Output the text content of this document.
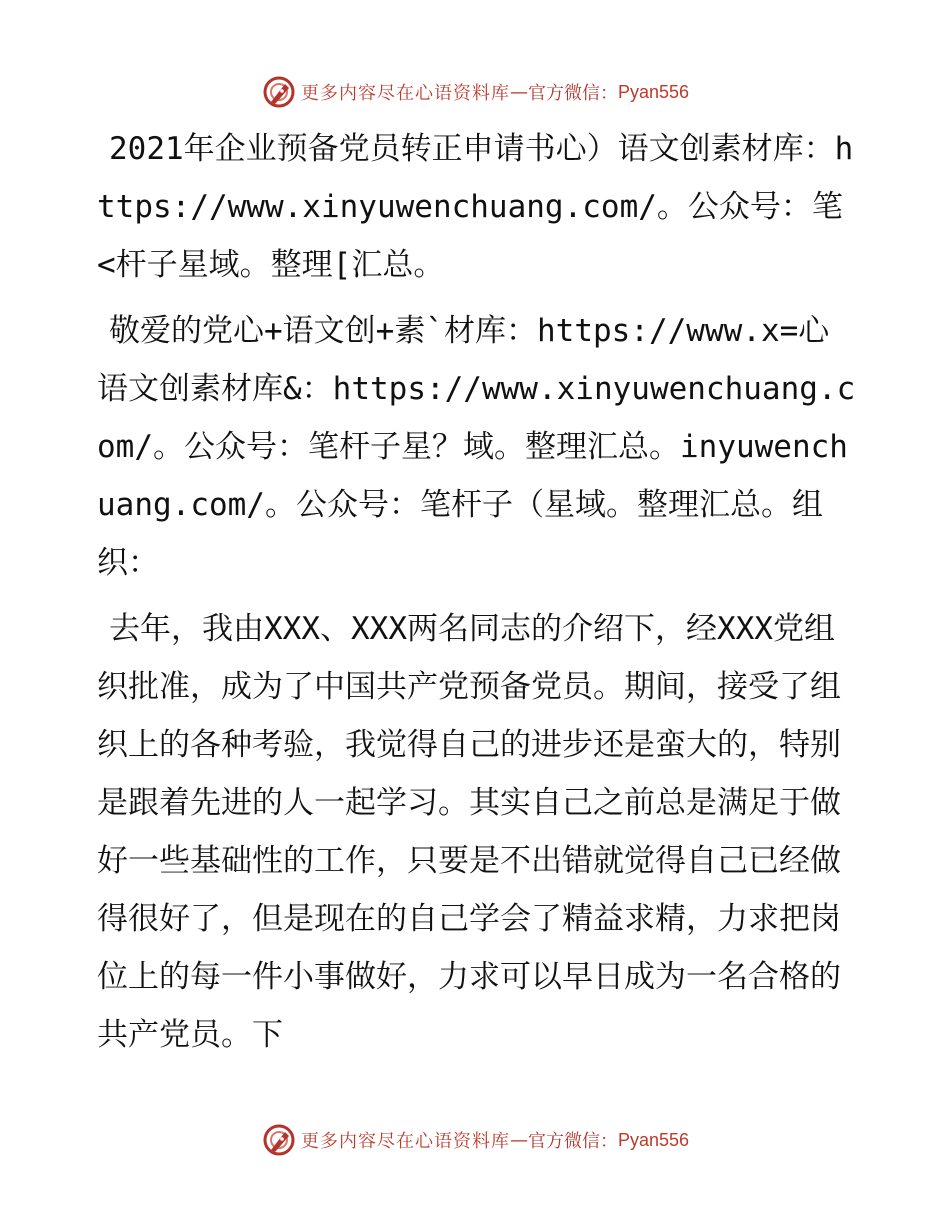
更多内容尽在心语资料库 — 官方微信： Pyan556

2021年企业预备党员转正申请书心）语文创素材库：https://www.xinyuwenchuang.com/。公众号：笔<杆子星域。整理[汇总。

敬爱的党心+语文创+素`材库：https://www.x=心语文创素材库&：https://www.xinyuwenchuang.com/。公众号：笔杆子星？域。整理汇总。inyuwenchuang.com/。公众号：笔杆子（星域。整理汇总。组织：

去年，我由XXX、XXX两名同志的介绍下，经XXX党组织批准，成为了中国共产党预备党员。期间，接受了组织上的各种考验，我觉得自己的进步还是蛮大的，特别是跟着先进的人一起学习。其实自己之前总是满足于做好一些基础性的工作，只要是不出错就觉得自己已经做得很好了，但是现在的自己学会了精益求精，力求把岗位上的每一件小事做好，力求可以早日成为一名合格的共产党员。下

更多内容尽在心语资料库 — 官方微信： Pyan556
